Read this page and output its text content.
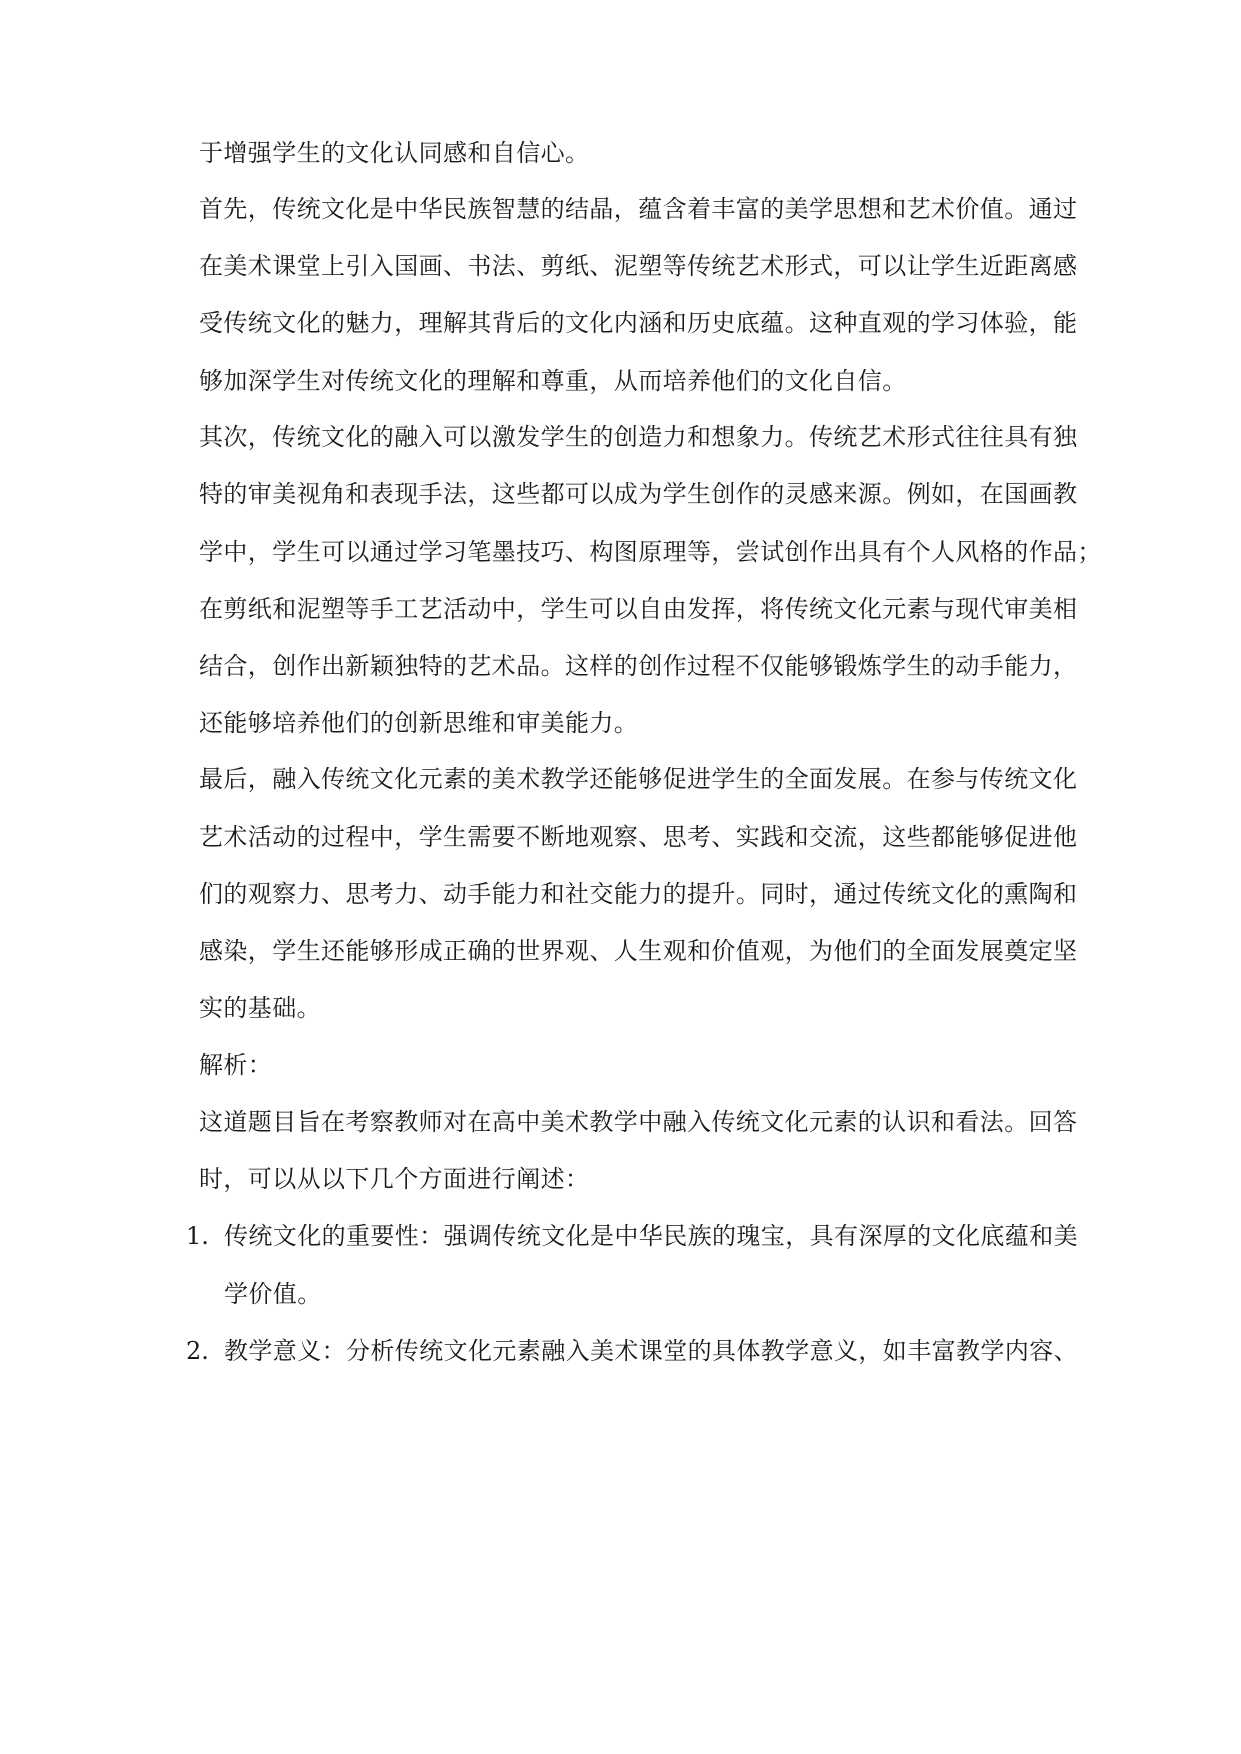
于增强学生的文化认同感和自信心。
首先，传统文化是中华民族智慧的结晶，蕴含着丰富的美学思想和艺术价值。通过
在美术课堂上引入国画、书法、剪纸、泥塑等传统艺术形式，可以让学生近距离感
受传统文化的魅力，理解其背后的文化内涵和历史底蕴。这种直观的学习体验，能
够加深学生对传统文化的理解和尊重，从而培养他们的文化自信。
其次，传统文化的融入可以激发学生的创造力和想象力。传统艺术形式往往具有独
特的审美视角和表现手法，这些都可以成为学生创作的灵感来源。例如，在国画教
学中，学生可以通过学习笔墨技巧、构图原理等，尝试创作出具有个人风格的作品；
在剪纸和泥塑等手工艺活动中，学生可以自由发挥，将传统文化元素与现代审美相
结合，创作出新颖独特的艺术品。这样的创作过程不仅能够锻炼学生的动手能力，
还能够培养他们的创新思维和审美能力。
最后，融入传统文化元素的美术教学还能够促进学生的全面发展。在参与传统文化
艺术活动的过程中，学生需要不断地观察、思考、实践和交流，这些都能够促进他
们的观察力、思考力、动手能力和社交能力的提升。同时，通过传统文化的熏陶和
感染，学生还能够形成正确的世界观、人生观和价值观，为他们的全面发展奠定坚
实的基础。
解析：
这道题目旨在考察教师对在高中美术教学中融入传统文化元素的认识和看法。回答
时，可以从以下几个方面进行阐述：
1. 传统文化的重要性：强调传统文化是中华民族的瑰宝，具有深厚的文化底蕴和美
学价值。
2. 教学意义：分析传统文化元素融入美术课堂的具体教学意义，如丰富教学内容、
